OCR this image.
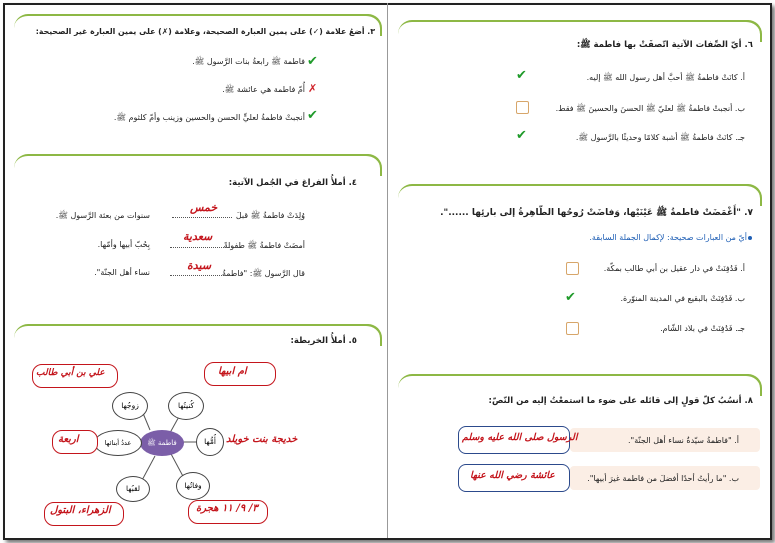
٣. أضعُ علامة (✓) على يمين العبارة الصحيحة، وعلامة (✗) على يمين العبارة غير الصحيحة:
✔
فاطمة ﷺ رابعةُ بنات الرَّسول ﷺ.
✗
أُمّ فاطمة هي عائشة ﷺ.
✔
أنجبتْ فاطمةُ لعليٍّ الحسن والحسين وزينب وأمّ كلثوم ﷺ.
٤. أملأُ الفراغ في الجُمل الآتية:
وُلِدَتْ فاطمةُ ﷺ قبلَ
خمس
سنوات من بعثة الرَّسول ﷺ.
أمضَتْ فاطمةُ ﷺ طفولةً
سعدية
بِحُبّ أبيها وأمّها.
قال الرَّسول ﷺ: "فاطمةُ
سيدة
نساء أهل الجنّة".
٥. أملأُ الخريطة:
فاطمة ﷺ
كُنيتُها
أُمُّها
وفاتُها
لقبُها
عددُ أبنائها
زوجُها
ام ابيها
خديجة بنت خويلد
٣/ ٩/ ١١ هجرة
الزهراء، البتول
اربعة
علي بن أبي طالب
٦. أيّ الصِّفات الآتية اتّصفَتْ بها فاطمة ﷺ:
✔	أ. كانَتْ فاطمةُ ﷺ أحبَّ أهل رسول الله ﷺ إليه.
ب. أنجبتْ فاطمةُ ﷺ لعليّ ﷺ الحسنَ والحسينَ ﷺ فقط.
✔	جـ. كانَتْ فاطمةُ ﷺ أشبهَ كلامًا وحديثًا بالرَّسول ﷺ.
٧. "أَغْمَضَتْ فاطمةُ ﷺ عَيْنَيْها، وَفاضَتْ رُوحُها الطّاهِرةُ إلى بارئِها ......".
أيّ من العبارات صحيحة: لإكمال الجملة السابقة.
أ. فَدُفِنَتْ في دار عقيل بن أبي طالب بمكّة.
✔	ب. فَدُفِنَتْ بالبقيع في المدينة المنوّرة.
جـ. فَدُفِنَتْ في بلاد الشّام.
٨. أنسُبُ كلّ قولٍ إلى قائله على ضوء ما استمعْتُ إليه من النّصّ:
أ. "فاطمةُ سيّدةُ نساء أهل الجنّة".
الرسول صلى الله عليه وسلم
ب. "ما رأيتُ أحدًا أفضلَ من فاطمة غيرَ أبيها".
عائشة رضي الله عنها
